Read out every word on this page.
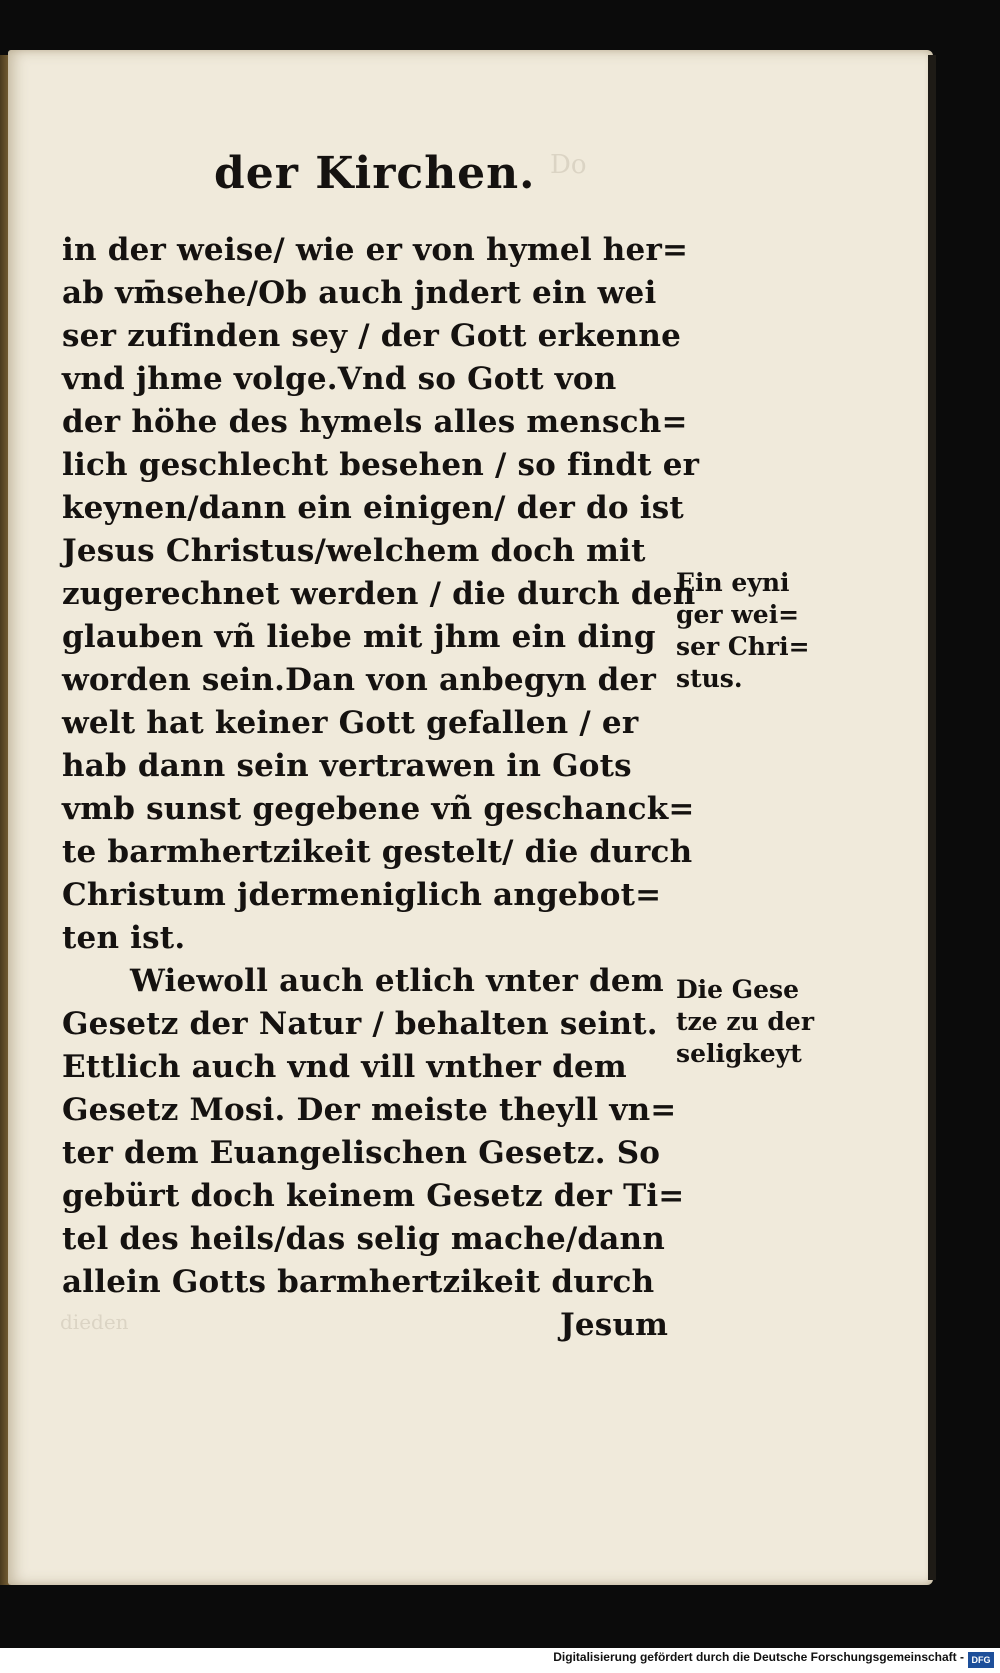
Do
dieden
der Kirchen.
in der weise/ wie er von hymel her=
ab vm̄sehe/Ob auch jndert ein wei
ser zufinden sey / der Gott erkenne
vnd jhme volge.Vnd so Gott von
der höhe des hymels alles mensch=
lich geschlecht besehen / so findt er
keynen/dann ein einigen/ der do ist
Jesus Christus/welchem doch mit
zugerechnet werden / die durch den
glauben vñ liebe mit jhm ein ding
worden sein.Dan von anbegyn der
welt hat keiner Gott gefallen / er
hab dann sein vertrawen in Gots
vmb sunst gegebene vñ geschanck=
te barmhertzikeit gestelt/ die durch
Christum jdermeniglich angebot=
ten ist.
Wiewoll auch etlich vnter dem
Gesetz der Natur / behalten seint.
Ettlich auch vnd vill vnther dem
Gesetz Mosi. Der meiste theyll vn=
ter dem Euangelischen Gesetz. So
gebürt doch keinem Gesetz der Ti=
tel des heils/das selig mache/dann
allein Gotts barmhertzikeit durch
Jesum
Ein eyni
ger wei=
ser Chri=
stus.
Die Gese
tze zu der
seligkeyt
Digitalisierung gefördert durch die Deutsche Forschungsgemeinschaft - DFG
